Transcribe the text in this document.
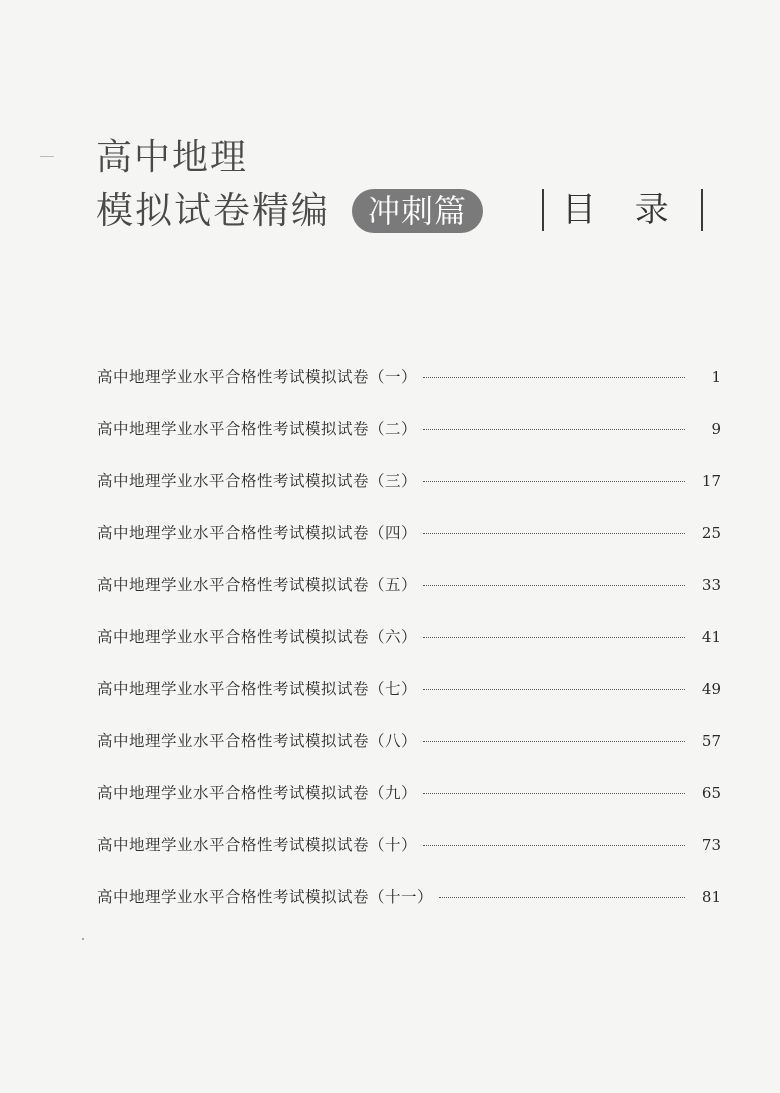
高中地理
模拟试卷精编	冲刺篇	目 录
高中地理学业水平合格性考试模拟试卷（一）	1
高中地理学业水平合格性考试模拟试卷（二）	9
高中地理学业水平合格性考试模拟试卷（三）	17
高中地理学业水平合格性考试模拟试卷（四）	25
高中地理学业水平合格性考试模拟试卷（五）	33
高中地理学业水平合格性考试模拟试卷（六）	41
高中地理学业水平合格性考试模拟试卷（七）	49
高中地理学业水平合格性考试模拟试卷（八）	57
高中地理学业水平合格性考试模拟试卷（九）	65
高中地理学业水平合格性考试模拟试卷（十）	73
高中地理学业水平合格性考试模拟试卷（十一）	81
